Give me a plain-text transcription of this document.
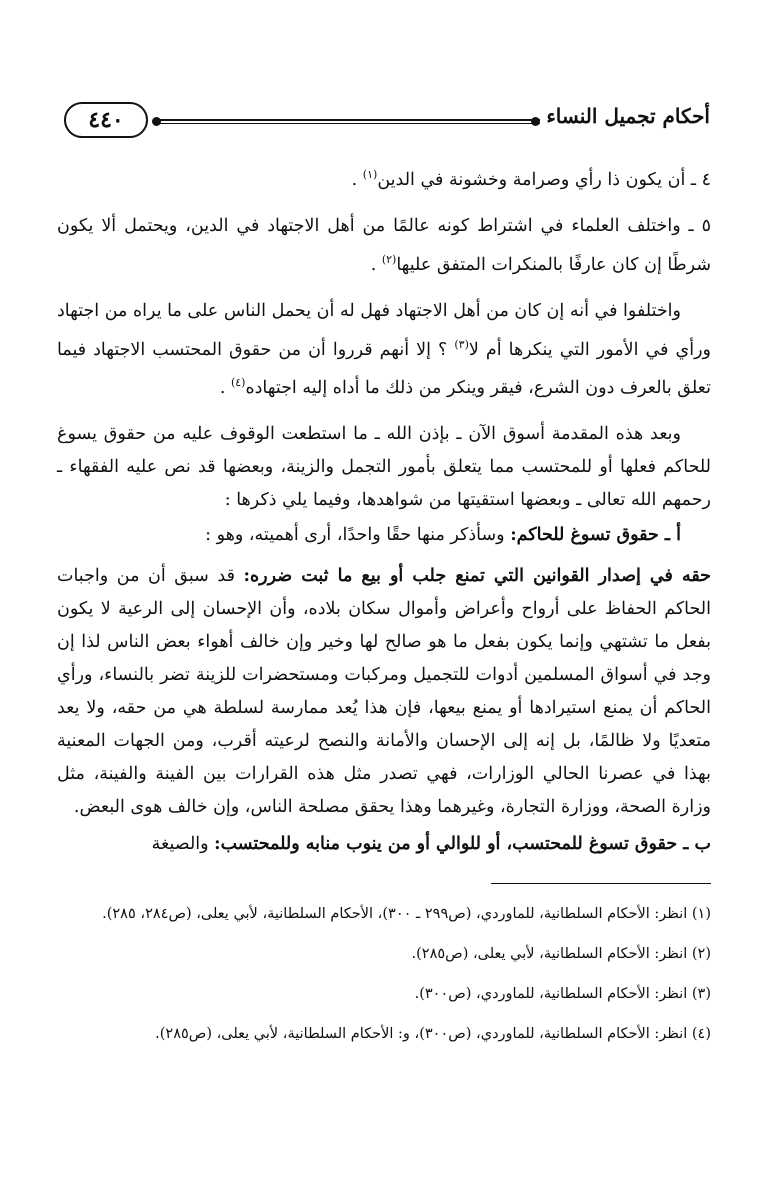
أحكام تجميل النساء
٤٤٠

٤ ـ أن يكون ذا رأي وصرامة وخشونة في الدين$^{(١)}$ .

٥ ـ واختلف العلماء في اشتراط كونه عالمًا من أهل الاجتهاد في الدين، ويحتمل ألا يكون شرطًا إن كان عارفًا بالمنكرات المتفق عليها$^{(٢)}$ .

واختلفوا في أنه إن كان من أهل الاجتهاد فهل له أن يحمل الناس على ما يراه من اجتهاد ورأي في الأمور التي ينكرها أم لا$^{(٣)}$ ؟ إلا أنهم قرروا أن من حقوق المحتسب الاجتهاد فيما تعلق بالعرف دون الشرع، فيقر وينكر من ذلك ما أداه إليه اجتهاده$^{(٤)}$ .

وبعد هذه المقدمة أسوق الآن ـ بإذن الله ـ ما استطعت الوقوف عليه من حقوق يسوغ للحاكم فعلها أو للمحتسب مما يتعلق بأمور التجمل والزينة، وبعضها قد نص عليه الفقهاء ـ رحمهم الله تعالى ـ وبعضها استقيتها من شواهدها، وفيما يلي ذكرها :

أ ـ حقوق تسوغ للحاكم: وسأذكر منها حقًا واحدًا، أرى أهميته، وهو :

حقه في إصدار القوانين التي تمنع جلب أو بيع ما ثبت ضرره: قد سبق أن من واجبات الحاكم الحفاظ على أرواح وأعراض وأموال سكان بلاده، وأن الإحسان إلى الرعية لا يكون بفعل ما تشتهي وإنما يكون بفعل ما هو صالح لها وخير وإن خالف أهواء بعض الناس لذا إن وجد في أسواق المسلمين أدوات للتجميل ومركبات ومستحضرات للزينة تضر بالنساء، ورأي الحاكم أن يمنع استيرادها أو يمنع بيعها، فإن هذا يُعد ممارسة لسلطة هي من حقه، ولا يعد متعديًا ولا ظالمًا، بل إنه إلى الإحسان والأمانة والنصح لرعيته أقرب، ومن الجهات المعنية بهذا في عصرنا الحالي الوزارات، فهي تصدر مثل هذه القرارات بين الفينة والفينة، مثل وزارة الصحة، ووزارة التجارة، وغيرهما وهذا يحقق مصلحة الناس، وإن خالف هوى البعض.

ب ـ حقوق تسوغ للمحتسب، أو للوالي أو من ينوب منابه وللمحتسب: والصيغة

(١) انظر: الأحكام السلطانية، للماوردي، (ص٢٩٩ ـ ٣٠٠)، الأحكام السلطانية، لأبي يعلى، (ص٢٨٤، ٢٨٥).

(٢) انظر: الأحكام السلطانية، لأبي يعلى، (ص٢٨٥).

(٣) انظر: الأحكام السلطانية، للماوردي، (ص٣٠٠).

(٤) انظر: الأحكام السلطانية، للماوردي، (ص٣٠٠)، و: الأحكام السلطانية، لأبي يعلى، (ص٢٨٥).
